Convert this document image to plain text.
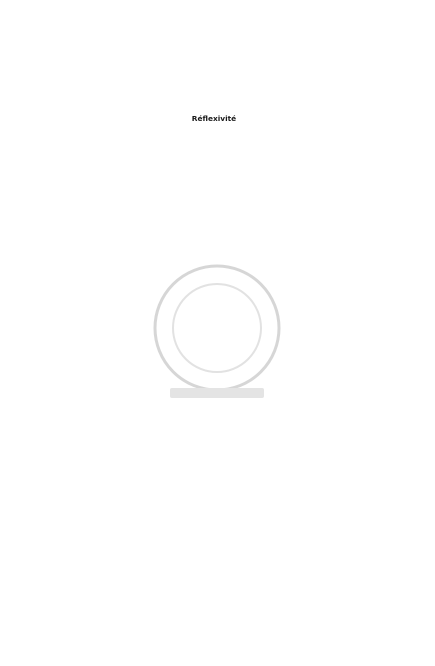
Réflexivité
